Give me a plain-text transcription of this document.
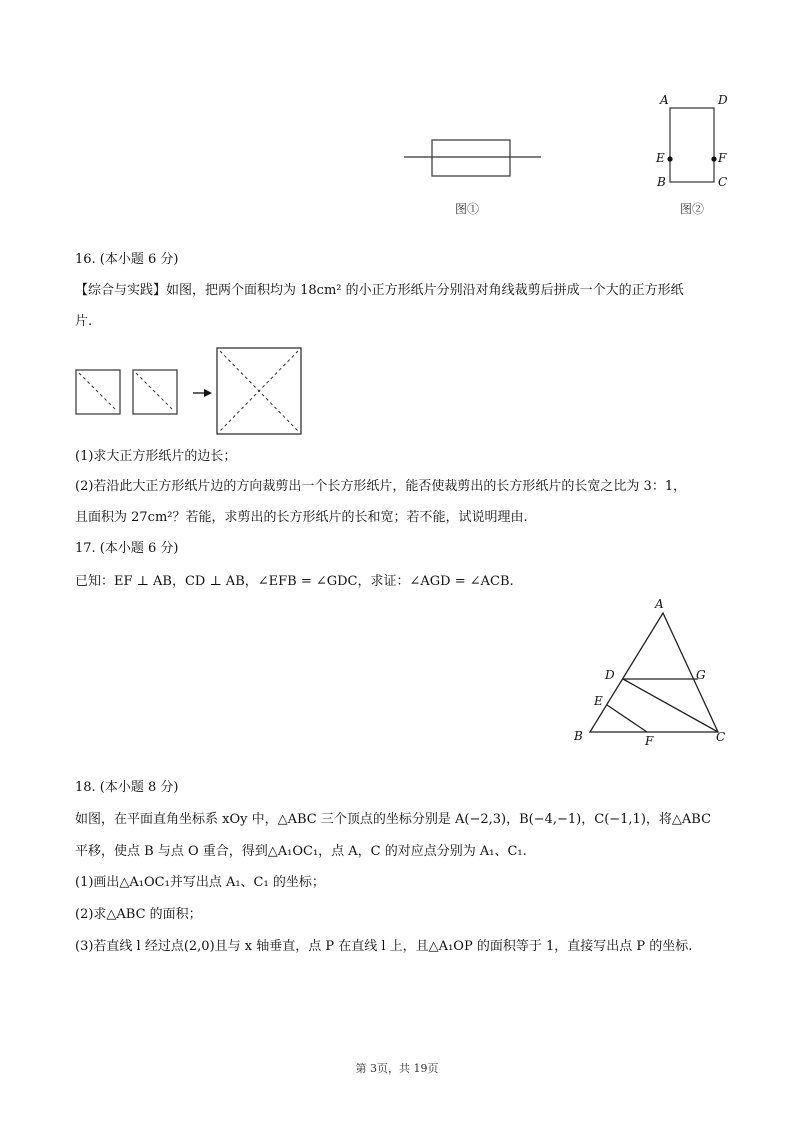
图①
A	D
E	F
B	C
图②
16. (本小题 6 分)
【综合与实践】如图，把两个面积均为 18cm² 的小正方形纸片分别沿对角线裁剪后拼成一个大的正方形纸
片.
(1)求大正方形纸片的边长；
(2)若沿此大正方形纸片边的方向裁剪出一个长方形纸片，能否使裁剪出的长方形纸片的长宽之比为 3：1，
且面积为 27cm²？若能，求剪出的长方形纸片的长和宽；若不能，试说明理由.
17. (本小题 6 分)
已知：EF ⊥ AB，CD ⊥ AB，∠EFB = ∠GDC，求证：∠AGD = ∠ACB.
A
D	G
E
B	F	C
18. (本小题 8 分)
如图，在平面直角坐标系 xOy 中，△ABC 三个顶点的坐标分别是 A(−2,3)，B(−4,−1)，C(−1,1)，将△ABC
平移，使点 B 与点 O 重合，得到△A₁OC₁，点 A，C 的对应点分别为 A₁、C₁.
(1)画出△A₁OC₁并写出点 A₁、C₁ 的坐标；
(2)求△ABC 的面积；
(3)若直线 l 经过点(2,0)且与 x 轴垂直，点 P 在直线 l 上，且△A₁OP 的面积等于 1，直接写出点 P 的坐标.
第 3页，共 19页
